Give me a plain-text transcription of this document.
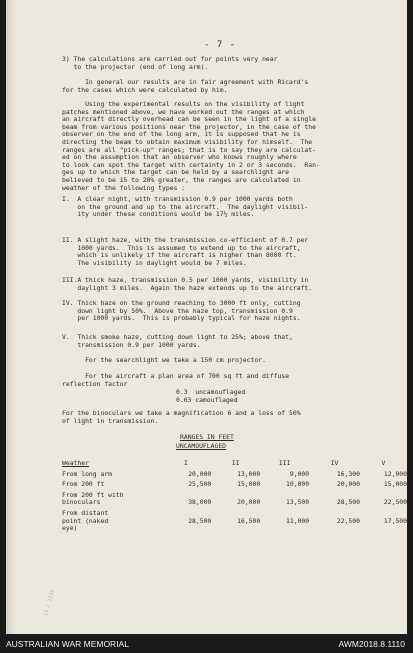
- 7 -
3) The calculations are carried out for points very near
to the projector (end of long arm).
In general our results are in fair agreement with Ricard's
for the cases which were calculated by him.
Using the experimental results on the visibility of light
patches mentioned above, we have worked out the ranges at which
an aircraft directly overhead can be seen in the light of a single
beam from various positions near the projector, in the case of the
observer on the end of the long arm, it is supposed that he is
directing the beam to obtain maximum visibility for himself.  The
ranges are all "pick-up" ranges; that is to say they are calculat-
ed on the assumption that an observer who knows roughly where
to look can spot the target with certainty in 2 or 3 seconds.  Ran-
ges up to which the target can be held by a searchlight are
believed to be 15 to 20% greater, the ranges are calculated in
weather of the following types :
I.  A clear night, with transmission 0.9 per 1000 yards both
on the ground and up to the aircraft.  The daylight visibil-
ity under these conditions would be 17½ miles.
II. A slight haze, with the transmission co-efficient of 0.7 per
1000 yards.  This is assumed to extend up to the aircraft,
which is unlikely if the aircraft is higher than 8000 ft.
The visibility in daylight would be 7 miles.
III.A thick haze, transmission 0.5 per 1000 yards, visibility in
daylight 3 miles.  Again the haze extends up to the aircraft.
IV. Thick haze on the ground reaching to 3000 ft only, cutting
down light by 50%.  Above the haze top, transmission 0.9
per 1000 yards.  This is probably typical for haze nights.
V.  Thick smoke haze, cutting down light to 25%; above that,
transmission 0.9 per 1000 yards.
For the searchlight we take a 150 cm projector.
For the aircraft a plan area of 700 sq ft and diffuse
reflection factor
0.3  uncamouflaged
0.03 camouflaged
For the binoculars we take a magnification 6 and a loss of 50%
of light in transmission.
RANGES IN FEET
UNCAMOUFLAGED
Weather	I	II	III	IV	V
From long arm	20,000	13,000	9,000	16,300	12,000
From 200 ft	25,500	15,000	10,000	20,000	15,000
From 200 ft with
binoculars	38,000	20,000	13,500	28,500	22,500
From distant
point (naked
eye)	28,500	16,500	11,000	22,500	17,500
13 / 1215
AUSTRALIAN WAR MEMORIAL	AWM2018.8.1110
